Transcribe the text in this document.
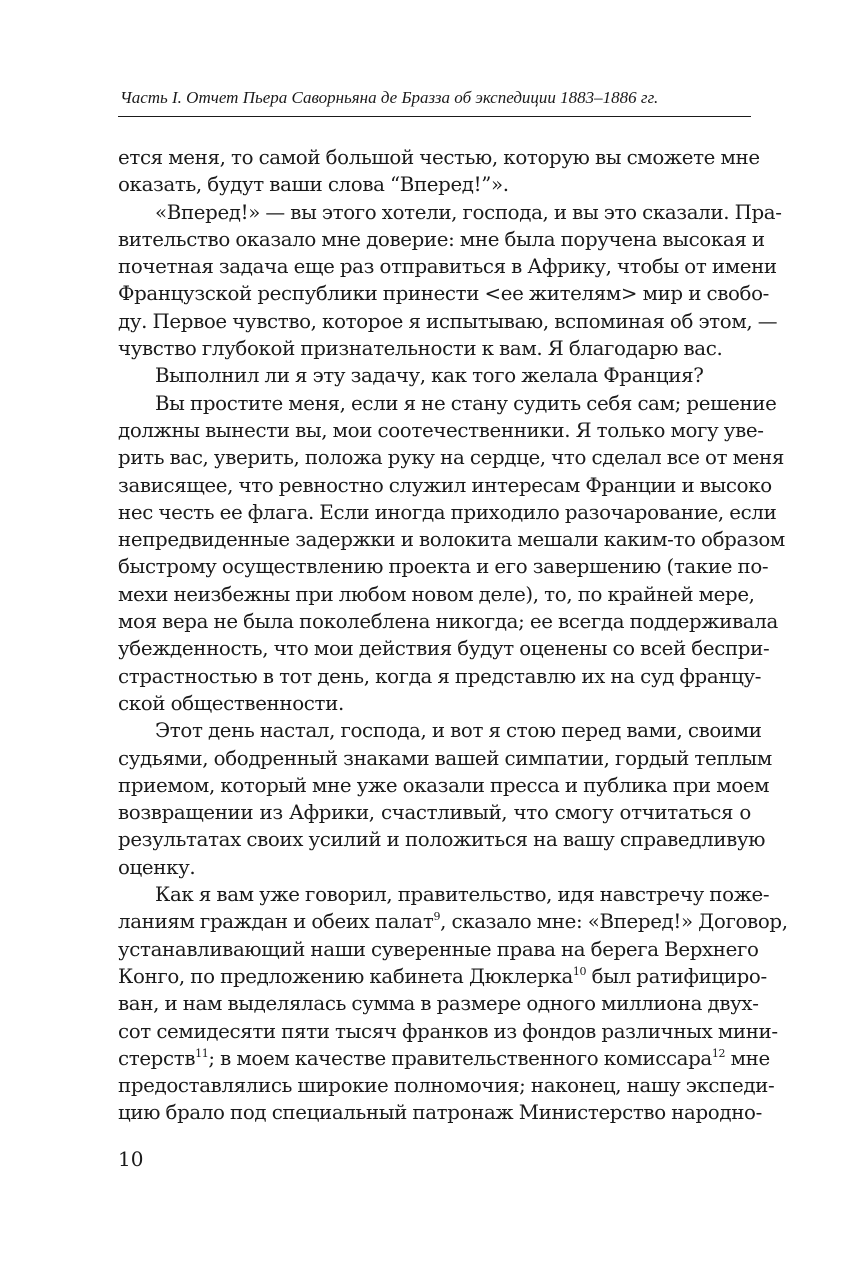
Часть I. Отчет Пьера Саворньяна де Бразза об экспедиции 1883–1886 гг.
ется меня, то самой большой честью, которую вы сможете мне
оказать, будут ваши слова “Вперед!”».
«Вперед!» — вы этого хотели, господа, и вы это сказали. Пра-
вительство оказало мне доверие: мне была поручена высокая и
почетная задача еще раз отправиться в Африку, чтобы от имени
Французской республики принести <ее жителям> мир и свобо-
ду. Первое чувство, которое я испытываю, вспоминая об этом, —
чувство глубокой признательности к вам. Я благодарю вас.
Выполнил ли я эту задачу, как того желала Франция?
Вы простите меня, если я не стану судить себя сам; решение
должны вынести вы, мои соотечественники. Я только могу уве-
рить вас, уверить, положа руку на сердце, что сделал все от меня
зависящее, что ревностно служил интересам Франции и высоко
нес честь ее флага. Если иногда приходило разочарование, если
непредвиденные задержки и волокита мешали каким-то образом
быстрому осуществлению проекта и его завершению (такие по-
мехи неизбежны при любом новом деле), то, по крайней мере,
моя вера не была поколеблена никогда; ее всегда поддерживала
убежденность, что мои действия будут оценены со всей беспри-
страстностью в тот день, когда я представлю их на суд францу-
ской общественности.
Этот день настал, господа, и вот я стою перед вами, своими
судьями, ободренный знаками вашей симпатии, гордый теплым
приемом, который мне уже оказали пресса и публика при моем
возвращении из Африки, счастливый, что смогу отчитаться о
результатах своих усилий и положиться на вашу справедливую
оценку.
Как я вам уже говорил, правительство, идя навстречу поже-
ланиям граждан и обеих палат$^9$, сказало мне: «Вперед!» Договор,
устанавливающий наши суверенные права на берега Верхнего
Конго, по предложению кабинета Дюклерка$^{10}$ был ратифициро-
ван, и нам выделялась сумма в размере одного миллиона двух-
сот семидесяти пяти тысяч франков из фондов различных мини-
стерств$^{11}$; в моем качестве правительственного комиссара$^{12}$ мне
предоставлялись широкие полномочия; наконец, нашу экспеди-
цию брало под специальный патронаж Министерство народно-
10
